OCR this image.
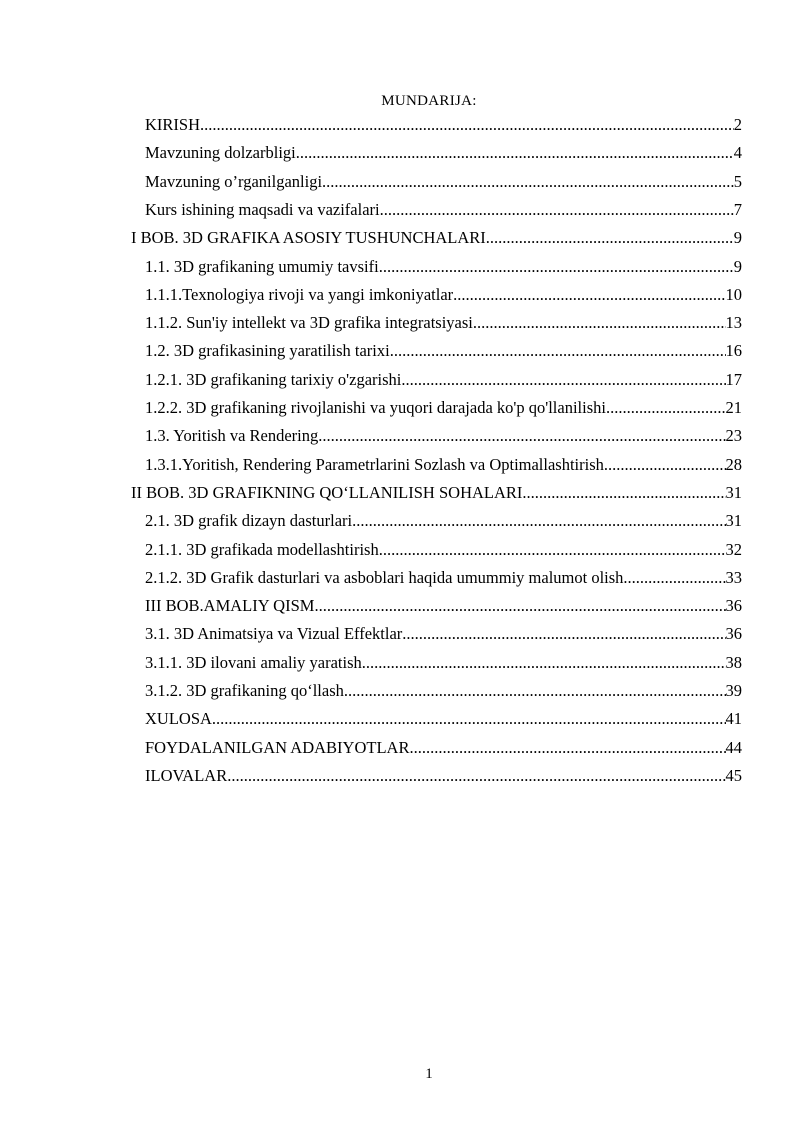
MUNDARIJA:
KIRISH .....	2
Mavzuning dolzarbligi .....	4
Mavzuning o’rganilganligi .....	5
Kurs ishining maqsadi va vazifalari .....	7
I BOB. 3D GRAFIKA ASOSIY TUSHUNCHALARI .....	9
1.1. 3D grafikaning umumiy tavsifi .....	9
1.1.1.Texnologiya rivoji va yangi imkoniyatlar .....	10
1.1.2. Sun'iy intellekt va 3D grafika integratsiyasi .....	13
1.2. 3D grafikasining yaratilish tarixi .....	16
1.2.1. 3D grafikaning tarixiy o'zgarishi .....	17
1.2.2. 3D grafikaning rivojlanishi va yuqori darajada ko'p qo'llanilishi .....	21
1.3. Yoritish va Rendering .....	23
1.3.1.Yoritish, Rendering Parametrlarini Sozlash va Optimallashtirish .....	28
II BOB. 3D GRAFIKNING QO‘LLANILISH SOHALARI .....	31
2.1. 3D grafik dizayn dasturlari .....	31
2.1.1. 3D grafikada modellashtirish .....	32
2.1.2. 3D Grafik dasturlari va asboblari haqida umummiy malumot olish .....	33
III BOB.AMALIY QISM .....	36
3.1. 3D Animatsiya va Vizual Effektlar .....	36
3.1.1. 3D ilovani amaliy yaratish .....	38
3.1.2. 3D grafikaning qo‘llash .....	39
XULOSA .....	41
FOYDALANILGAN ADABIYOTLAR .....	44
ILOVALAR .....	45
1
